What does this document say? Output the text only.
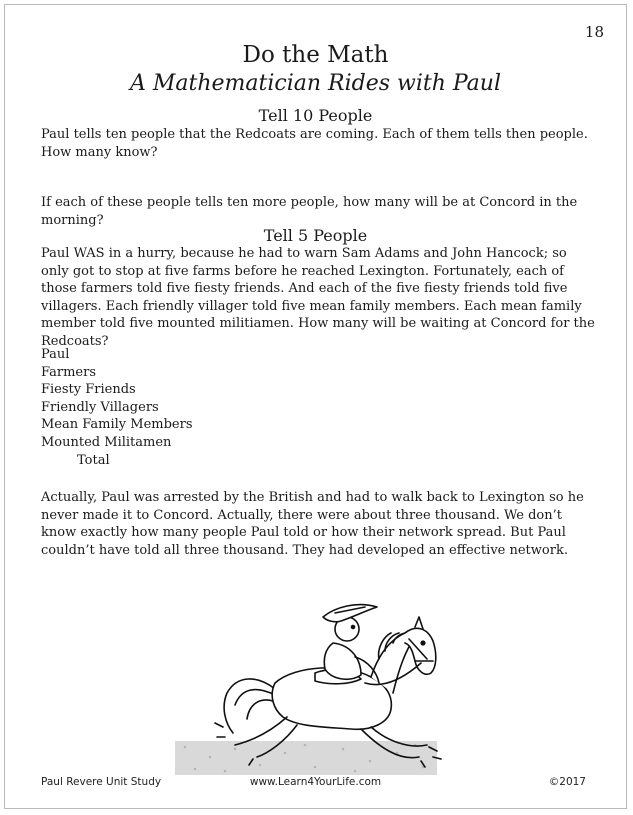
18
Do the Math
A Mathematician Rides with Paul
Tell 10 People

Paul tells ten people that the Redcoats are coming. Each of them tells then people. How many know?

If each of these people tells ten more people, how many will be at Concord in the morning?

Tell 5 People

Paul WAS in a hurry, because he had to warn Sam Adams and John Hancock; so only got to stop at five farms before he reached Lexington. Fortunately, each of those farmers told five fiesty friends. And each of the five fiesty friends told five villagers. Each friendly villager told five mean family members. Each mean family member told five mounted militiamen. How many will be waiting at Concord for the Redcoats?

Paul
Farmers
Fiesty Friends
Friendly Villagers
Mean Family Members
Mounted Militamen
Total

Actually, Paul was arrested by the British and had to walk back to Lexington so he never made it to Concord. Actually, there were about three thousand. We don’t know exactly how many people Paul told or how their network spread. But Paul couldn’t have told all three thousand. They had developed an effective network.

Paul Revere Unit Study	www.Learn4YourLife.com	©2017
